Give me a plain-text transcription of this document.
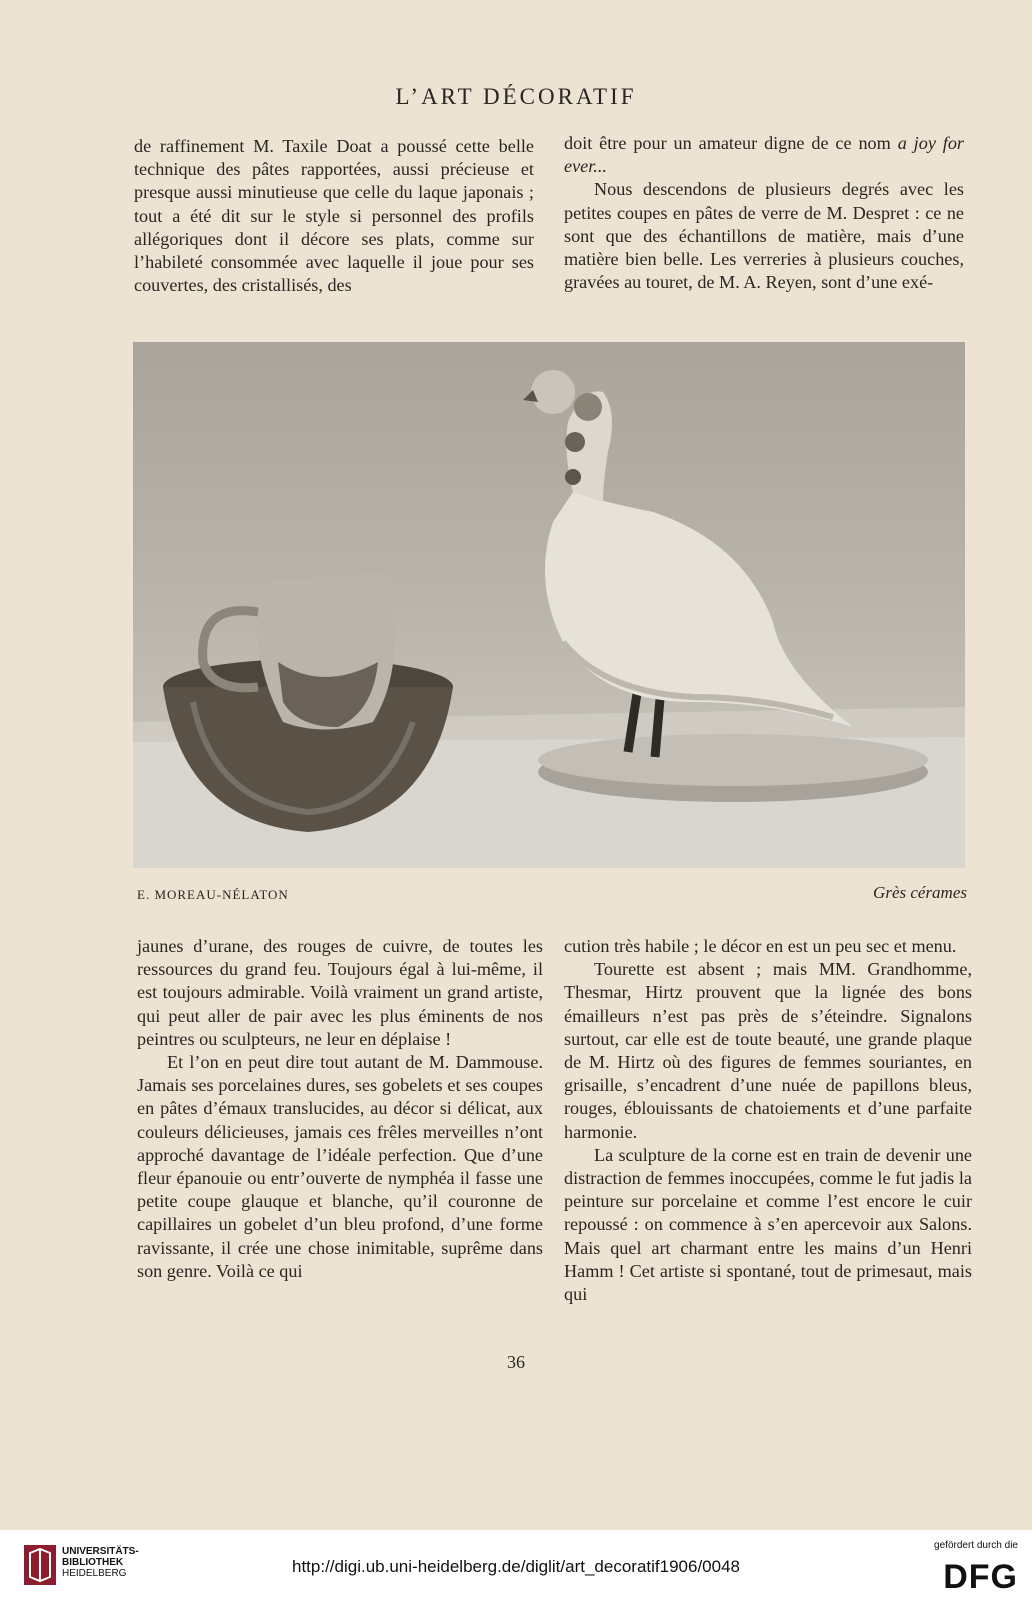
L’ART DÉCORATIF

de raffinement M. Taxile Doat a poussé cette belle technique des pâtes rapportées, aussi précieuse et presque aussi minutieuse que celle du laque japonais ; tout a été dit sur le style si personnel des profils allégoriques dont il décore ses plats, comme sur l’habileté consommée avec laquelle il joue pour ses couvertes, des cristallisés, des

doit être pour un amateur digne de ce nom a joy for ever...

Nous descendons de plusieurs degrés avec les petites coupes en pâtes de verre de M. Despret : ce ne sont que des échantillons de matière, mais d’une matière bien belle. Les verreries à plusieurs couches, gravées au touret, de M. A. Reyen, sont d’une exé-

E. MOREAU-NÉLATON	Grès cérames

jaunes d’urane, des rouges de cuivre, de toutes les ressources du grand feu. Toujours égal à lui-même, il est toujours admirable. Voilà vraiment un grand artiste, qui peut aller de pair avec les plus éminents de nos peintres ou sculpteurs, ne leur en déplaise !

Et l’on en peut dire tout autant de M. Dammouse. Jamais ses porcelaines dures, ses gobelets et ses coupes en pâtes d’émaux translucides, au décor si délicat, aux couleurs délicieuses, jamais ces frêles merveilles n’ont approché davantage de l’idéale perfection. Que d’une fleur épanouie ou entr’ouverte de nymphéa il fasse une petite coupe glauque et blanche, qu’il couronne de capillaires un gobelet d’un bleu profond, d’une forme ravissante, il crée une chose inimitable, suprême dans son genre. Voilà ce qui

cution très habile ; le décor en est un peu sec et menu.

Tourette est absent ; mais MM. Grandhomme, Thesmar, Hirtz prouvent que la lignée des bons émailleurs n’est pas près de s’éteindre. Signalons surtout, car elle est de toute beauté, une grande plaque de M. Hirtz où des figures de femmes souriantes, en grisaille, s’encadrent d’une nuée de papillons bleus, rouges, éblouissants de chatoiements et d’une parfaite harmonie.

La sculpture de la corne est en train de devenir une distraction de femmes inoccupées, comme le fut jadis la peinture sur porcelaine et comme l’est encore le cuir repoussé : on commence à s’en apercevoir aux Salons. Mais quel art charmant entre les mains d’un Henri Hamm ! Cet artiste si spontané, tout de primesaut, mais qui

36
UNIVERSITÄTS-
BIBLIOTHEK
HEIDELBERG	http://digi.ub.uni-heidelberg.de/diglit/art_decoratif1906/0048
gefördert durch die
DFG
